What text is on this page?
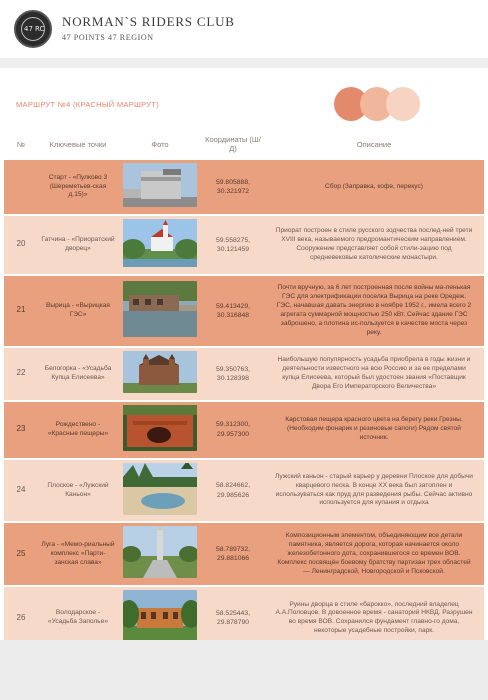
47 RC NORMAN`S RIDERS CLUB
47 POINTS 47 REGION
МАРШРУТ №4 (КРАСНЫЙ МАРШРУТ)
№	Ключевые точки	Фото	Координаты (Ш/Д)	Описание
	Старт - «Пулково 3 (Шереметьев-ская д.15)»		59.805888, 30.321972	Сбор (Заправка, кофе, перекус)
20	Гатчина - «Приоратский дворец»		59.558275, 30.121459	Приорат построен в стиле русского зодчества послед-ней трети XVIII века, называемого предромантическим направлением. Сооружение представляет собой стили-зацию под средневековые католические монастыри.
21	Вырица - «Вырицкая ГЭС»		59.413429, 30.316848	Почти вручную, за 6 лет построенная после войны ма-ленькая ГЭС для электрификации поселка Вырица на реке Оредеж. ГЭС, начавшая давать энергию в ноябре 1952 г., имела всего 2 агрегата суммарной мощностью 250 кВт. Сейчас здание ГЭС заброшено, а плотина ис-пользуется в качестве моста через реку.
22	Белогорка - «Усадьба Купца Елисеева»		59.350763, 30.128398	Наибольшую популярность усадьба приобрела в годы жизни и деятельности известного на всю Россию и за ее пределами купца Елисеева, который был удостоен звания «Поставщик Двора Его Императорского Величества»
23	Рождествено - «Красные пещеры»		59.312300, 29.957300	Карстовая пещера красного цвета на берегу реки Грезны. (Необходим фонарик и резиновые сапоги) Рядом святой источник.
24	Плоское - «Лужский Каньон»		58.824662, 29.985626	Лужский каньон - старый карьер у деревни Плоское для добычи кварцевого песка. В конце XX века был затоплен и используваться как пруд для разведения рыбы. Сейчас активно используется для купания и отдыха
25	Луга - «Мемо-риальный комплекс «Парти-занская слава»		58.789732, 29.881066	Композиционным элементом, объединяющим все детали памятника, является дорога, которая начинается около железобетонного дота, сохранившегося со времен ВОВ. Комплекс посвящён боевому братству партизан трех областей — Ленинградской, Новгородской и Псковской.
26	Володарское - «Усадьба Заполье»		58.525443, 29.878790	Руины дворца в стиле «барокко», последний владелец А.А.Половцов. В довоенное время - санаторий НКВД. Разрушен во время ВОВ. Сохранился фундамент главно-го дома, некоторые усадебные постройки, парк.
